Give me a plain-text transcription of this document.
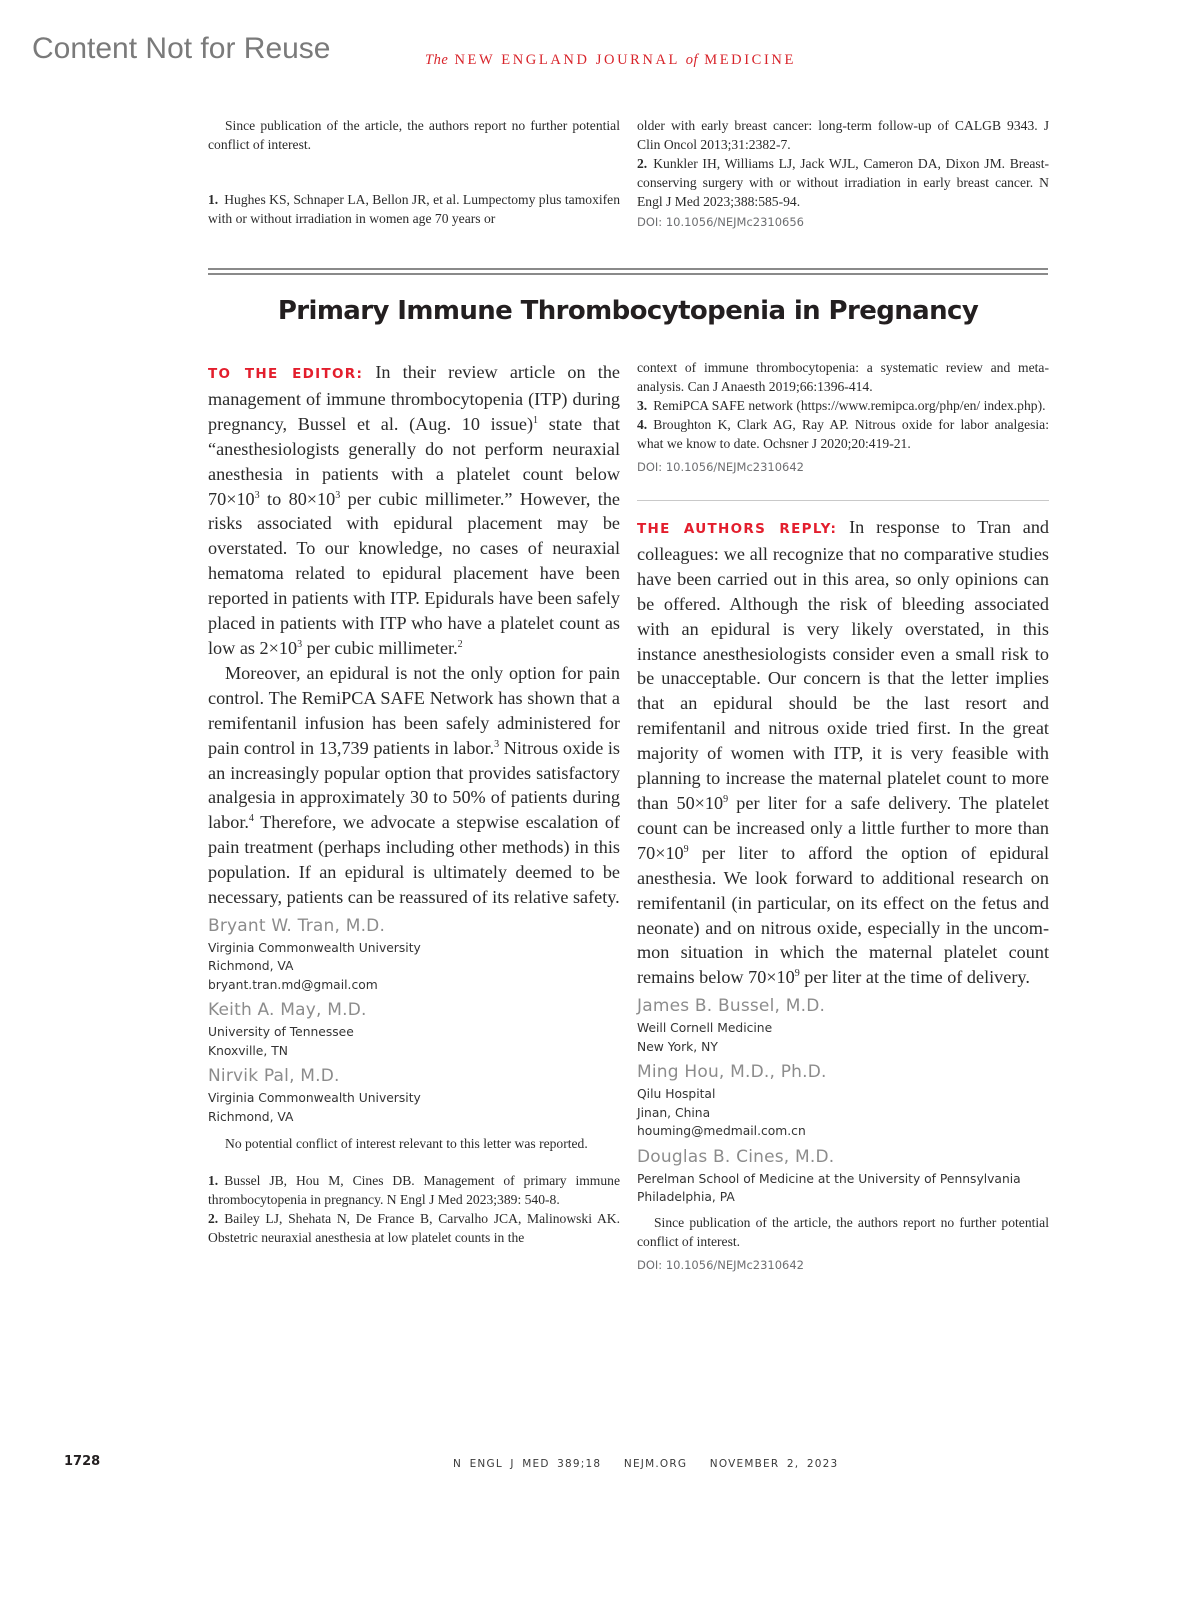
Content Not for Reuse	The NEW ENGLAND JOURNAL of MEDICINE
Since publication of the article, the authors report no further potential conflict of interest.
1. Hughes KS, Schnaper LA, Bellon JR, et al. Lumpectomy plus tamoxifen with or without irradiation in women age 70 years or
older with early breast cancer: long-term follow-up of CALGB 9343. J Clin Oncol 2013;31:2382-7.
2. Kunkler IH, Williams LJ, Jack WJL, Cameron DA, Dixon JM. Breast-conserving surgery with or without irradiation in early breast cancer. N Engl J Med 2023;388:585-94.
DOI: 10.1056/NEJMc2310656
Primary Immune Thrombocytopenia in Pregnancy

TO THE EDITOR: In their review article on the management of immune thrombocytopenia (ITP) during pregnancy, Bussel et al. (Aug. 10 issue)$^1$ state that “anesthesiologists generally do not perform neuraxial anesthesia in patients with a platelet count below $70\times 10^3$ to $80\times 10^3$ per cubic millimeter.” However, the risks associated with epidural placement may be overstated. To our knowledge, no cases of neuraxial hematoma related to epidural placement have been reported in patients with ITP. Epidurals have been safely placed in patients with ITP who have a platelet count as low as $2\times 10^3$ per cubic millimeter.$^2$

Moreover, an epidural is not the only option for pain control. The RemiPCA SAFE Network has shown that a remifentanil infusion has been safely administered for pain control in 13,739 patients in labor.$^3$ Nitrous oxide is an increasingly popular option that provides satisfactory analgesia in approximately 30 to 50% of patients during labor.$^4$ Therefore, we advocate a stepwise escalation of pain treatment (perhaps including other methods) in this population. If an epidural is ultimately deemed to be necessary, patients can be reassured of its relative safety.

Bryant W. Tran, M.D.
Virginia Commonwealth University
Richmond, VA
bryant.tran.md@gmail.com
Keith A. May, M.D.
University of Tennessee
Knoxville, TN
Nirvik Pal, M.D.
Virginia Commonwealth University
Richmond, VA
No potential conflict of interest relevant to this letter was reported.
1. Bussel JB, Hou M, Cines DB. Management of primary immune thrombocytopenia in pregnancy. N Engl J Med 2023;389: 540-8.
2. Bailey LJ, Shehata N, De France B, Carvalho JCA, Malinowski AK. Obstetric neuraxial anesthesia at low platelet counts in the
context of immune thrombocytopenia: a systematic review and meta-analysis. Can J Anaesth 2019;66:1396-414.
3. RemiPCA SAFE network (https://www.remipca.org/php/en/ index.php).
4. Broughton K, Clark AG, Ray AP. Nitrous oxide for labor analgesia: what we know to date. Ochsner J 2020;20:419-21.
DOI: 10.1056/NEJMc2310642

THE AUTHORS REPLY: In response to Tran and colleagues: we all recognize that no comparative studies have been carried out in this area, so only opinions can be offered. Although the risk of bleeding associated with an epidural is very likely overstated, in this instance anesthesiologists consider even a small risk to be unacceptable. Our concern is that the letter implies that an epidural should be the last resort and remifentanil and nitrous oxide tried first. In the great majority of women with ITP, it is very feasible with planning to increase the maternal platelet count to more than $50\times 10^9$ per liter for a safe delivery. The platelet count can be increased only a little further to more than $70\times 10^9$ per liter to afford the option of epidural anesthesia. We look forward to additional research on remifentanil (in particular, on its effect on the fetus and neonate) and on nitrous oxide, especially in the uncommon situation in which the maternal platelet count remains below $70\times 10^9$ per liter at the time of delivery.

James B. Bussel, M.D.
Weill Cornell Medicine
New York, NY
Ming Hou, M.D., Ph.D.
Qilu Hospital
Jinan, China
houming@medmail.com.cn
Douglas B. Cines, M.D.
Perelman School of Medicine at the University of Pennsylvania
Philadelphia, PA
Since publication of the article, the authors report no further potential conflict of interest.
DOI: 10.1056/NEJMc2310642
1728	N ENGL J MED 389;18   NEJM.ORG   NOVEMBER 2, 2023
